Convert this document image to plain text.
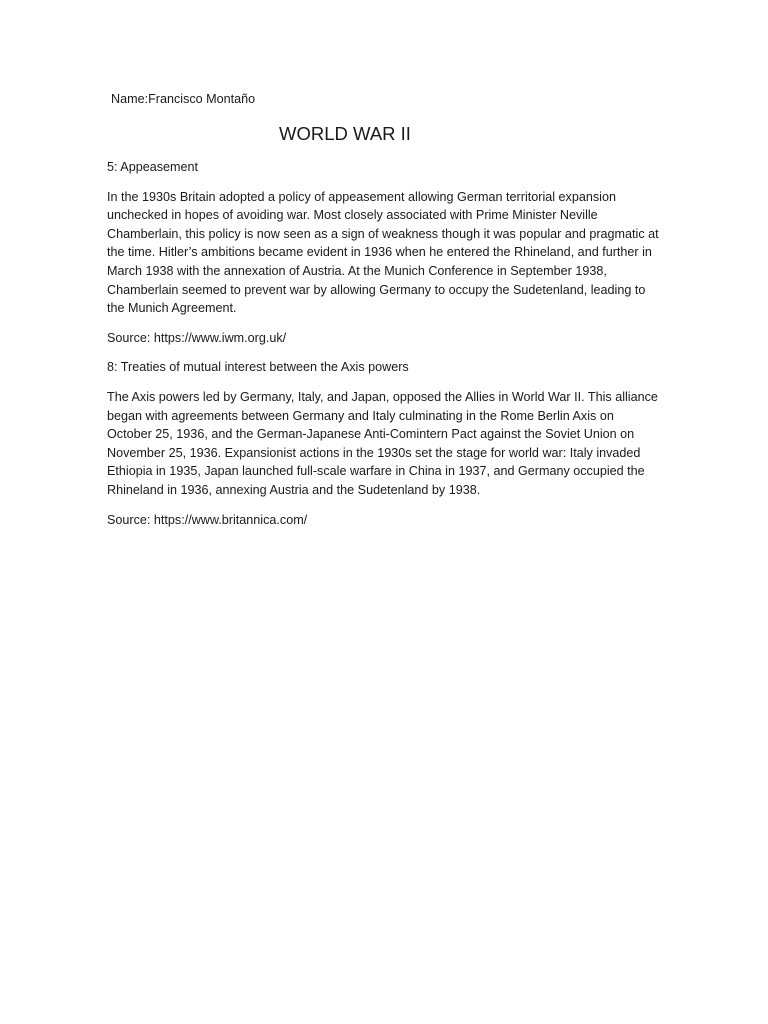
Name:Francisco Montaño

WORLD WAR II

5: Appeasement

In the 1930s Britain adopted a policy of appeasement allowing German territorial expansion unchecked in hopes of avoiding war. Most closely associated with Prime Minister Neville Chamberlain, this policy is now seen as a sign of weakness though it was popular and pragmatic at the time. Hitler’s ambitions became evident in 1936 when he entered the Rhineland, and further in March 1938 with the annexation of Austria. At the Munich Conference in September 1938, Chamberlain seemed to prevent war by allowing Germany to occupy the Sudetenland, leading to the Munich Agreement.

Source: https://www.iwm.org.uk/

8: Treaties of mutual interest between the Axis powers

The Axis powers led by Germany, Italy, and Japan, opposed the Allies in World War II. This alliance began with agreements between Germany and Italy culminating in the Rome Berlin Axis on October 25, 1936, and the German-Japanese Anti-Comintern Pact against the Soviet Union on November 25, 1936. Expansionist actions in the 1930s set the stage for world war: Italy invaded Ethiopia in 1935, Japan launched full-scale warfare in China in 1937, and Germany occupied the Rhineland in 1936, annexing Austria and the Sudetenland by 1938.

Source: https://www.britannica.com/
